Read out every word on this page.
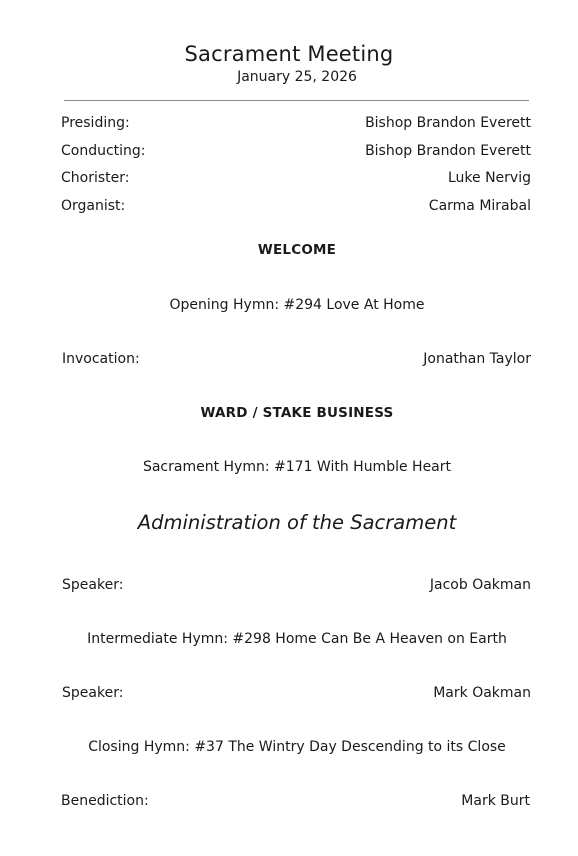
Sacrament Meeting
January 25, 2026
Presiding:	Bishop Brandon Everett
Conducting:	Bishop Brandon Everett
Chorister:	Luke Nervig
Organist:	Carma Mirabal
WELCOME
Opening Hymn: #294 Love At Home
Invocation:	Jonathan Taylor
WARD / STAKE BUSINESS
Sacrament Hymn: #171 With Humble Heart
Administration of the Sacrament
Speaker:	Jacob Oakman
Intermediate Hymn: #298 Home Can Be A Heaven on Earth
Speaker:	Mark Oakman
Closing Hymn: #37 The Wintry Day Descending to its Close
Benediction:	Mark Burt
